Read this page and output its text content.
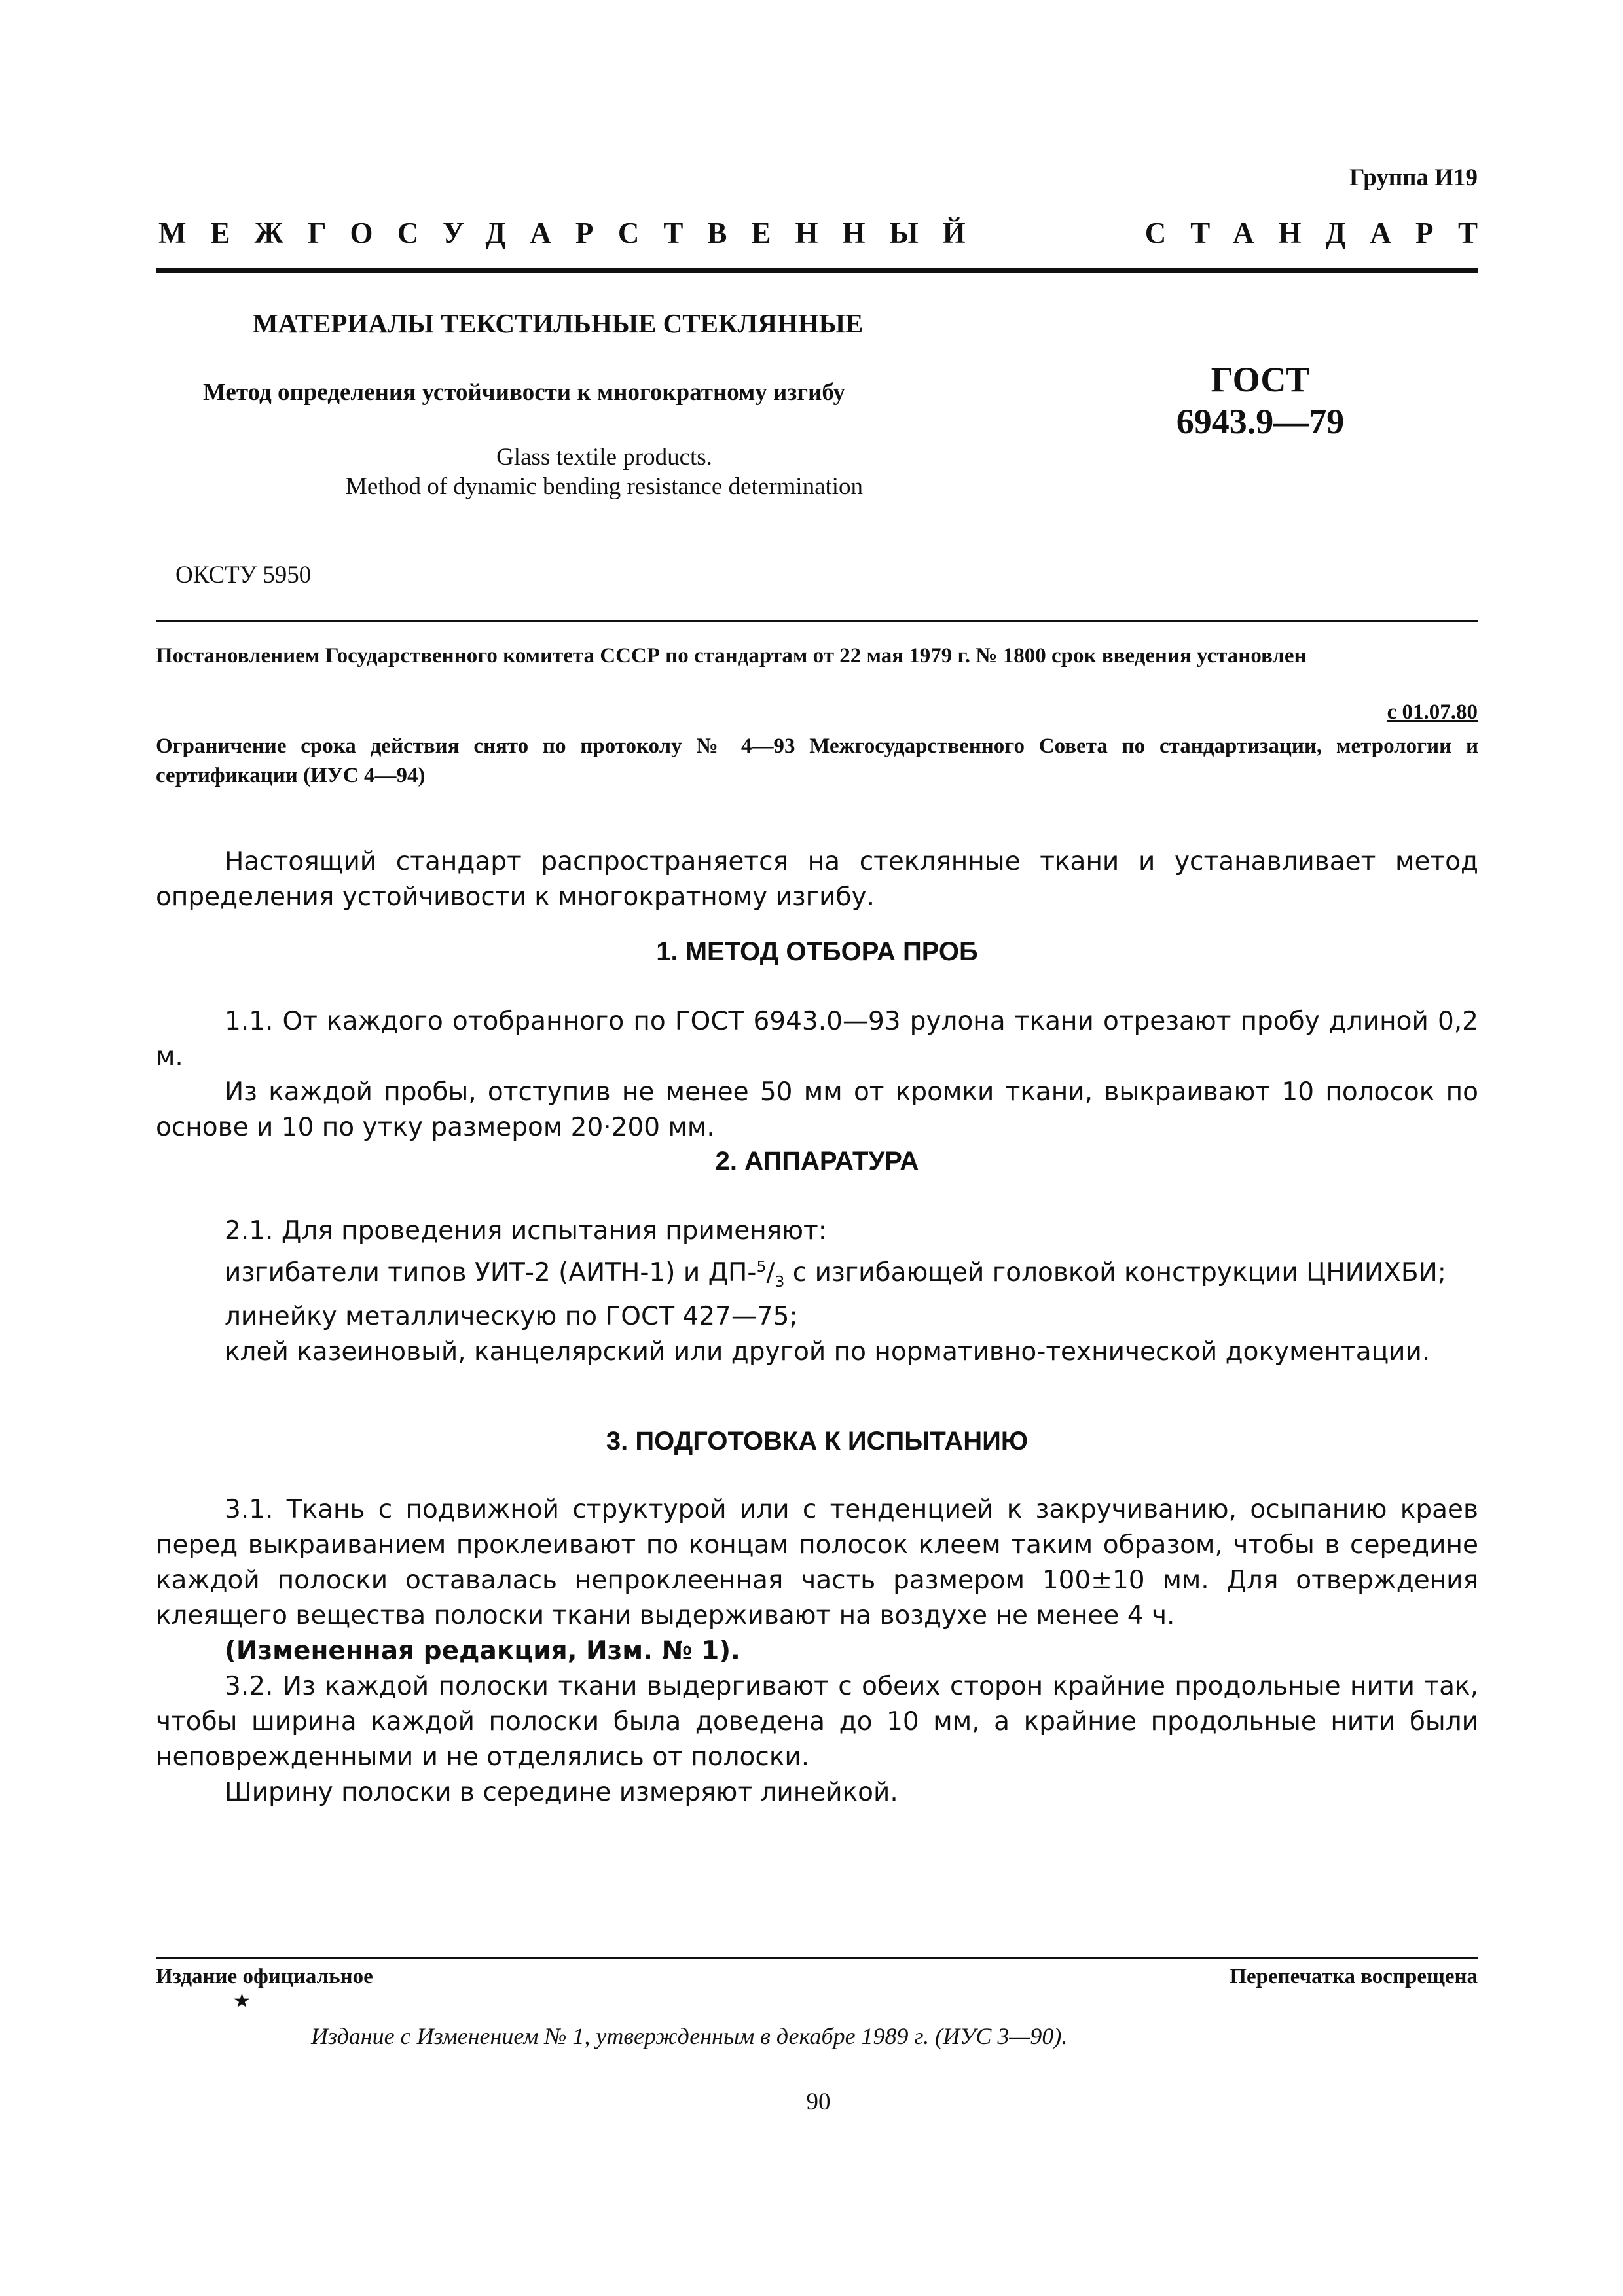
Группа И19
МЕЖГОСУДАРСТВЕННЫЙ	СТАНДАРТ
МАТЕРИАЛЫ ТЕКСТИЛЬНЫЕ СТЕКЛЯННЫЕ
Метод определения устойчивости к многократному изгибу	ГОСТ
6943.9—79
Glass textile products.
Method of dynamic bending resistance determination
ОКСТУ 5950
Постановлением Государственного комитета СССР по стандартам от 22 мая 1979 г. № 1800 срок введения установлен
с 01.07.80
Ограничение срока действия снято по протоколу № 4—93 Межгосударственного Совета по стандартизации, метрологии и сертификации (ИУС 4—94)

Настоящий стандарт распространяется на стеклянные ткани и устанавливает метод определения устойчивости к многократному изгибу.

1. МЕТОД ОТБОРА ПРОБ

1.1. От каждого отобранного по ГОСТ 6943.0—93 рулона ткани отрезают пробу длиной 0,2 м.

Из каждой пробы, отступив не менее 50 мм от кромки ткани, выкраивают 10 полосок по основе и 10 по утку размером 20·200 мм.

2. АППАРАТУРА

2.1. Для проведения испытания применяют:

изгибатели типов УИТ-2 (АИТН-1) и $ДП-^5/_3$ с изгибающей головкой конструкции ЦНИИХБИ;

линейку металлическую по ГОСТ 427—75;

клей казеиновый, канцелярский или другой по нормативно-технической документации.

3. ПОДГОТОВКА К ИСПЫТАНИЮ

3.1. Ткань с подвижной структурой или с тенденцией к закручиванию, осыпанию краев перед выкраиванием проклеивают по концам полосок клеем таким образом, чтобы в середине каждой полоски оставалась непроклеенная часть размером 100±10 мм. Для отверждения клеящего вещества полоски ткани выдерживают на воздухе не менее 4 ч.

(Измененная редакция, Изм. № 1).

3.2. Из каждой полоски ткани выдергивают с обеих сторон крайние продольные нити так, чтобы ширина каждой полоски была доведена до 10 мм, а крайние продольные нити были неповрежденными и не отделялись от полоски.

Ширину полоски в середине измеряют линейкой.

Издание официальное	Перепечатка воспрещена
★
Издание с Изменением № 1, утвержденным в декабре 1989 г. (ИУС 3—90).
90
